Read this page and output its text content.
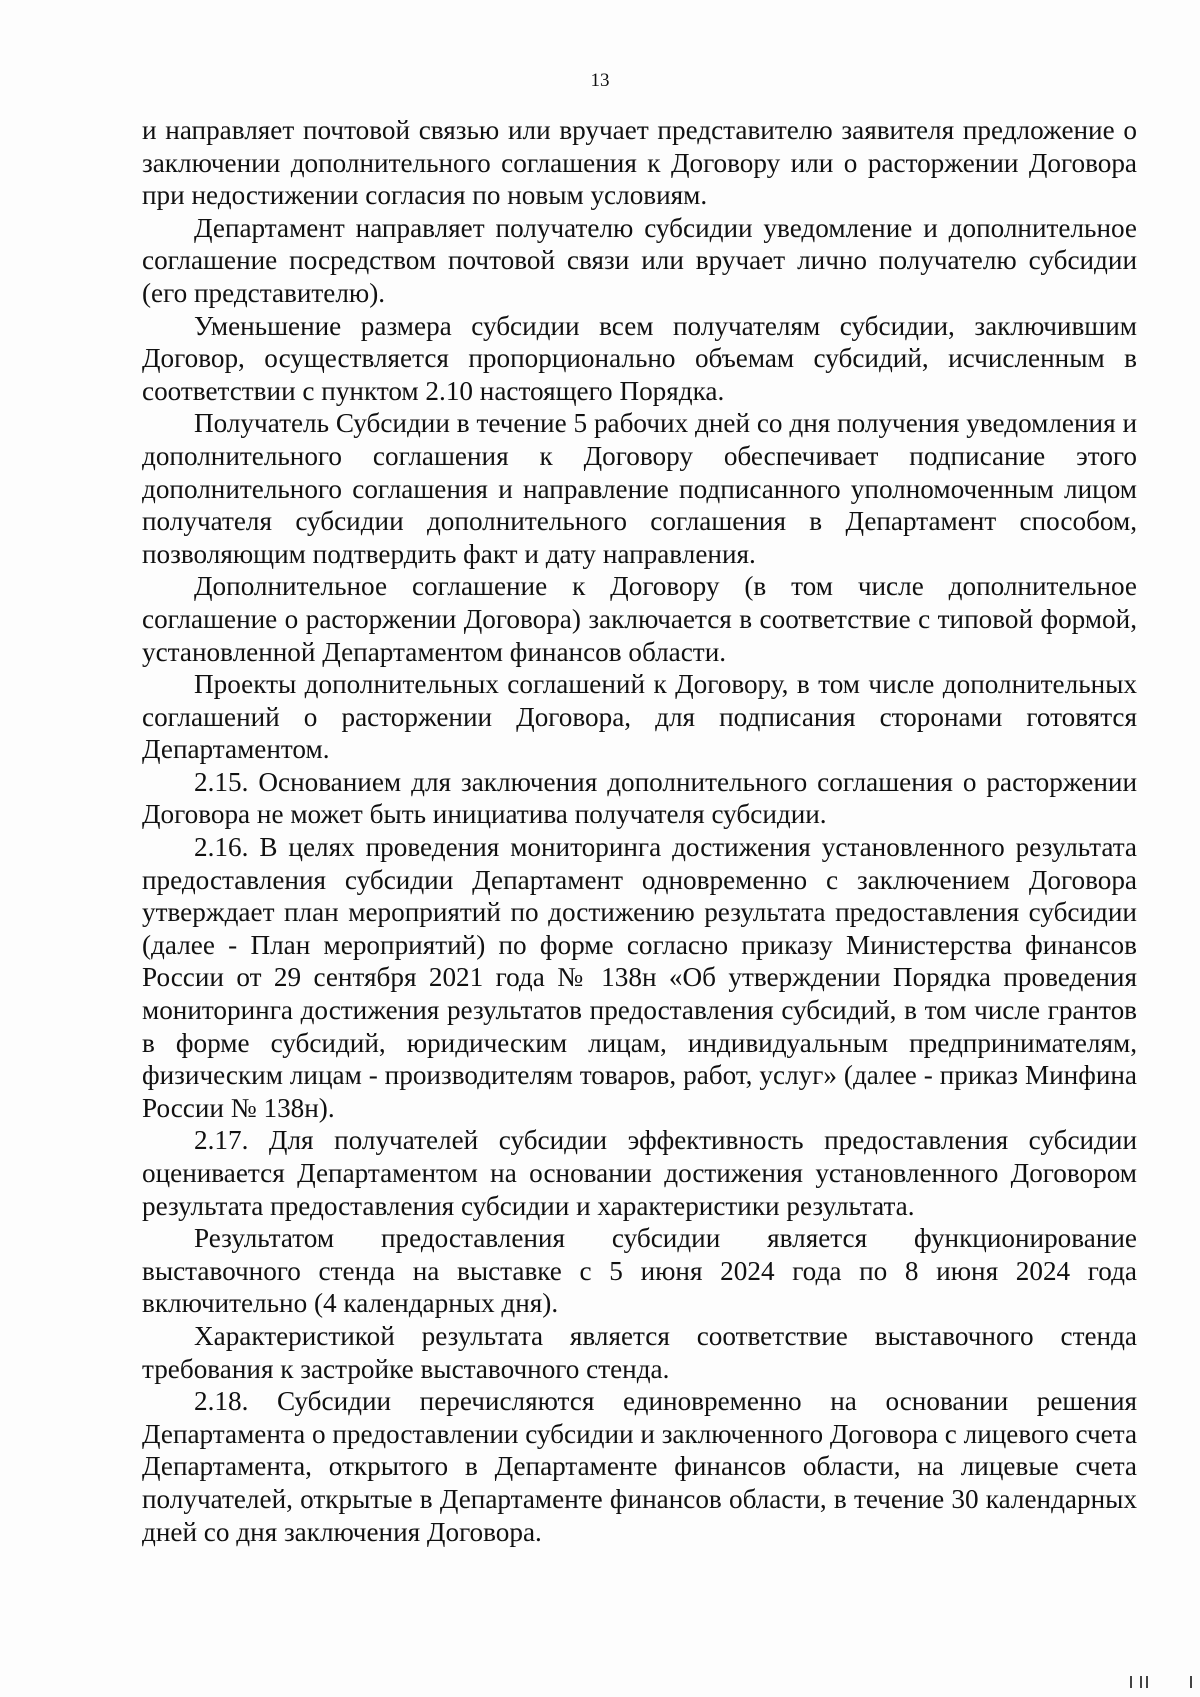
13

и направляет почтовой связью или вручает представителю заявителя предложение о заключении дополнительного соглашения к Договору или о расторжении Договора при недостижении согласия по новым условиям.

Департамент направляет получателю субсидии уведомление и дополнительное соглашение посредством почтовой связи или вручает лично получателю субсидии (его представителю).

Уменьшение размера субсидии всем получателям субсидии, заключившим Договор, осуществляется пропорционально объемам субсидий, исчисленным в соответствии с пунктом 2.10 настоящего Порядка.

Получатель Субсидии в течение 5 рабочих дней со дня получения уведомления и дополнительного соглашения к Договору обеспечивает подписание этого дополнительного соглашения и направление подписанного уполномоченным лицом получателя субсидии дополнительного соглашения в Департамент способом, позволяющим подтвердить факт и дату направления.

Дополнительное соглашение к Договору (в том числе дополнительное соглашение о расторжении Договора) заключается в соответствие с типовой формой, установленной Департаментом финансов области.

Проекты дополнительных соглашений к Договору, в том числе дополнительных соглашений о расторжении Договора, для подписания сторонами готовятся Департаментом.

2.15. Основанием для заключения дополнительного соглашения о расторжении Договора не может быть инициатива получателя субсидии.

2.16. В целях проведения мониторинга достижения установленного результата предоставления субсидии Департамент одновременно с заключением Договора утверждает план мероприятий по достижению результата предоставления субсидии (далее - План мероприятий) по форме согласно приказу Министерства финансов России от 29 сентября 2021 года № 138н «Об утверждении Порядка проведения мониторинга достижения результатов предоставления субсидий, в том числе грантов в форме субсидий, юридическим лицам, индивидуальным предпринимателям, физическим лицам - производителям товаров, работ, услуг» (далее - приказ Минфина России № 138н).

2.17. Для получателей субсидии эффективность предоставления субсидии оценивается Департаментом на основании достижения установленного Договором результата предоставления субсидии и характеристики результата.

Результатом предоставления субсидии является функционирование выставочного стенда на выставке с 5 июня 2024 года по 8 июня 2024 года включительно (4 календарных дня).

Характеристикой результата является соответствие выставочного стенда требования к застройке выставочного стенда.

2.18. Субсидии перечисляются единовременно на основании решения Департамента о предоставлении субсидии и заключенного Договора с лицевого счета Департамента, открытого в Департаменте финансов области, на лицевые счета получателей, открытые в Департаменте финансов области, в течение 30 календарных дней со дня заключения Договора.
